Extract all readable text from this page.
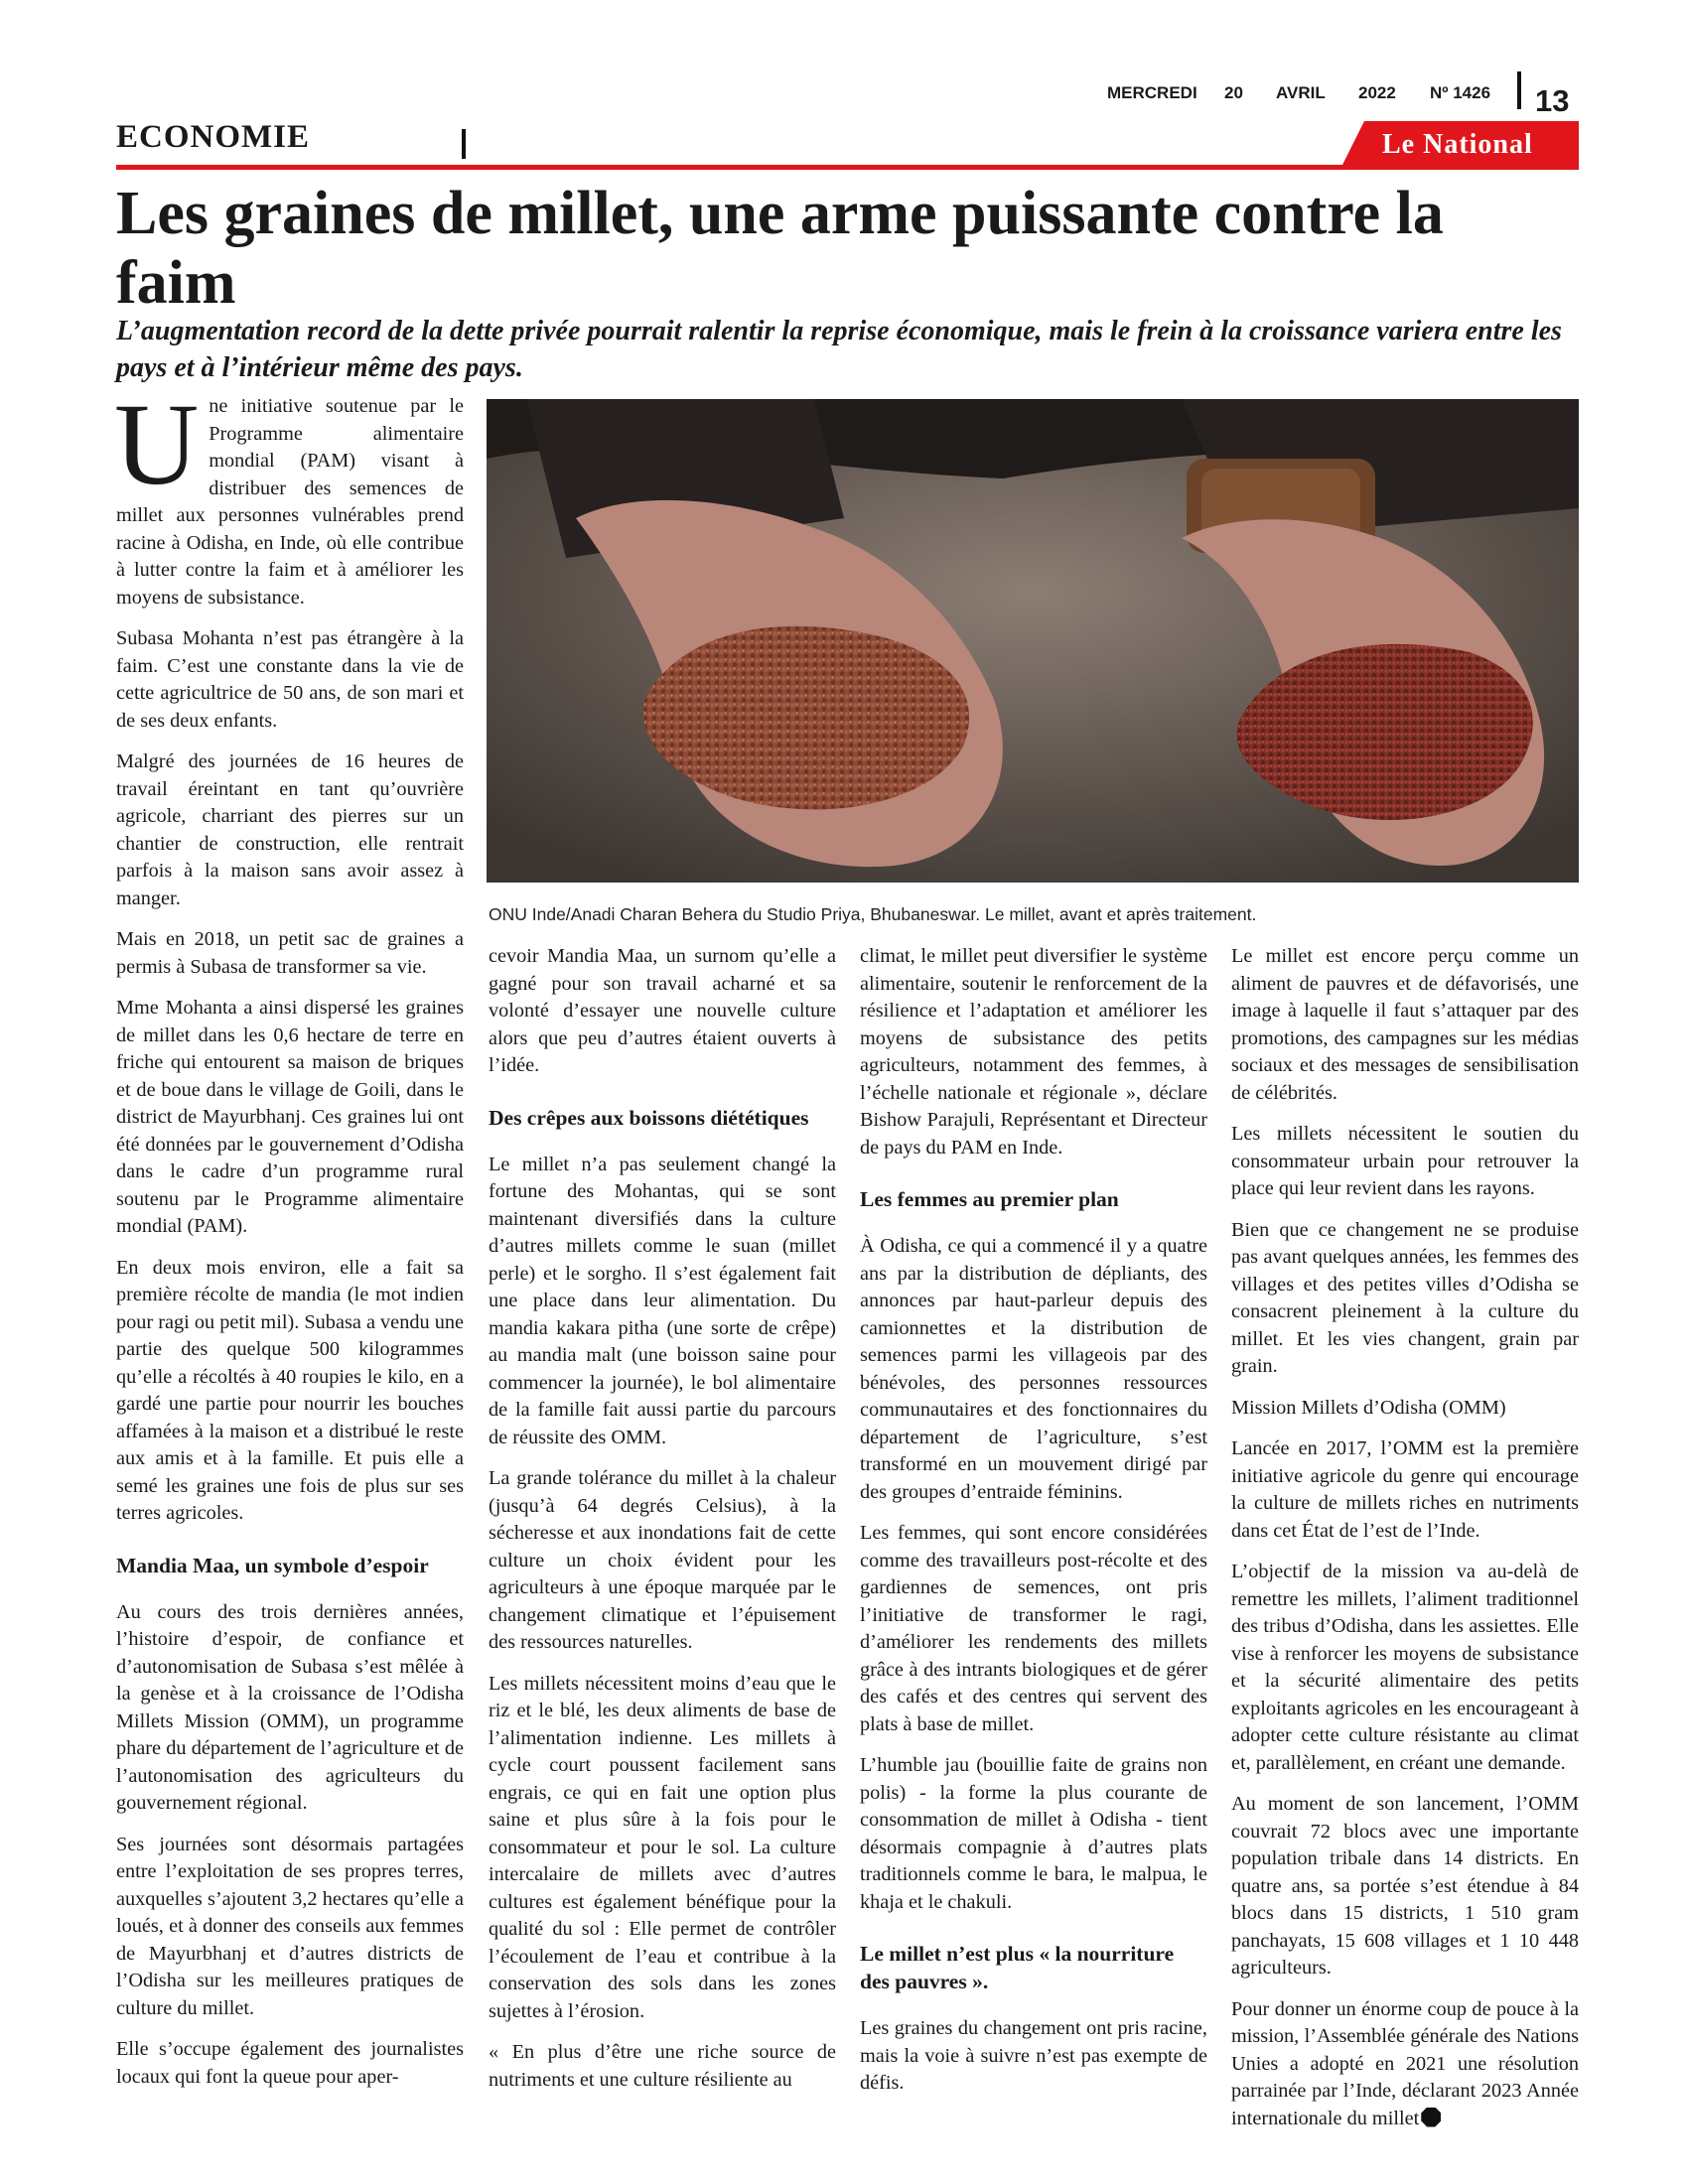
MERCREDI 20 AVRIL 2022 Nº 1426 13
ECONOMIE	Le National
Les graines de millet, une arme puissante contre la faim

L’augmentation record de la dette privée pourrait ralentir la reprise économique, mais le frein à la croissance variera entre les pays et à l’intérieur même des pays.

ONU Inde/Anadi Charan Behera du Studio Priya, Bhubaneswar. Le millet, avant et après traitement.

Une initiative soutenue par le Programme alimentaire mondial (PAM) visant à distribuer des semences de millet aux personnes vulnérables prend racine à Odisha, en Inde, où elle contribue à lutter contre la faim et à améliorer les moyens de subsistance.

Subasa Mohanta n’est pas étrangère à la faim. C’est une constante dans la vie de cette agricultrice de 50 ans, de son mari et de ses deux enfants.

Malgré des journées de 16 heures de travail éreintant en tant qu’ouvrière agricole, charriant des pierres sur un chantier de construction, elle rentrait parfois à la maison sans avoir assez à manger.

Mais en 2018, un petit sac de graines a permis à Subasa de transformer sa vie.

Mme Mohanta a ainsi dispersé les graines de millet dans les 0,6 hectare de terre en friche qui entourent sa maison de briques et de boue dans le village de Goili, dans le district de Mayurbhanj. Ces graines lui ont été données par le gouvernement d’Odisha dans le cadre d’un programme rural soutenu par le Programme alimentaire mondial (PAM).

En deux mois environ, elle a fait sa première récolte de mandia (le mot indien pour ragi ou petit mil). Subasa a vendu une partie des quelque 500 kilogrammes qu’elle a récoltés à 40 roupies le kilo, en a gardé une partie pour nourrir les bouches affamées à la maison et a distribué le reste aux amis et à la famille. Et puis elle a semé les graines une fois de plus sur ses terres agricoles.

Mandia Maa, un symbole d’espoir

Au cours des trois dernières années, l’histoire d’espoir, de confiance et d’autonomisation de Subasa s’est mêlée à la genèse et à la croissance de l’Odisha Millets Mission (OMM), un programme phare du département de l’agriculture et de l’autonomisation des agriculteurs du gouvernement régional.

Ses journées sont désormais partagées entre l’exploitation de ses propres terres, auxquelles s’ajoutent 3,2 hectares qu’elle a loués, et à donner des conseils aux femmes de Mayurbhanj et d’autres districts de l’Odisha sur les meilleures pratiques de culture du millet.

Elle s’occupe également des journalistes locaux qui font la queue pour aper-

cevoir Mandia Maa, un surnom qu’elle a gagné pour son travail acharné et sa volonté d’essayer une nouvelle culture alors que peu d’autres étaient ouverts à l’idée.

Des crêpes aux boissons diététiques

Le millet n’a pas seulement changé la fortune des Mohantas, qui se sont maintenant diversifiés dans la culture d’autres millets comme le suan (millet perle) et le sorgho. Il s’est également fait une place dans leur alimentation. Du mandia kakara pitha (une sorte de crêpe) au mandia malt (une boisson saine pour commencer la journée), le bol alimentaire de la famille fait aussi partie du parcours de réussite des OMM.

La grande tolérance du millet à la chaleur (jusqu’à 64 degrés Celsius), à la sécheresse et aux inondations fait de cette culture un choix évident pour les agriculteurs à une époque marquée par le changement climatique et l’épuisement des ressources naturelles.

Les millets nécessitent moins d’eau que le riz et le blé, les deux aliments de base de l’alimentation indienne. Les millets à cycle court poussent facilement sans engrais, ce qui en fait une option plus saine et plus sûre à la fois pour le consommateur et pour le sol. La culture intercalaire de millets avec d’autres cultures est également bénéfique pour la qualité du sol : Elle permet de contrôler l’écoulement de l’eau et contribue à la conservation des sols dans les zones sujettes à l’érosion.

« En plus d’être une riche source de nutriments et une culture résiliente au

climat, le millet peut diversifier le système alimentaire, soutenir le renforcement de la résilience et l’adaptation et améliorer les moyens de subsistance des petits agriculteurs, notamment des femmes, à l’échelle nationale et régionale », déclare Bishow Parajuli, Représentant et Directeur de pays du PAM en Inde.

Les femmes au premier plan

À Odisha, ce qui a commencé il y a quatre ans par la distribution de dépliants, des annonces par haut-parleur depuis des camionnettes et la distribution de semences parmi les villageois par des bénévoles, des personnes ressources communautaires et des fonctionnaires du département de l’agriculture, s’est transformé en un mouvement dirigé par des groupes d’entraide féminins.

Les femmes, qui sont encore considérées comme des travailleurs post-récolte et des gardiennes de semences, ont pris l’initiative de transformer le ragi, d’améliorer les rendements des millets grâce à des intrants biologiques et de gérer des cafés et des centres qui servent des plats à base de millet.

L’humble jau (bouillie faite de grains non polis) - la forme la plus courante de consommation de millet à Odisha - tient désormais compagnie à d’autres plats traditionnels comme le bara, le malpua, le khaja et le chakuli.

Le millet n’est plus « la nourriture des pauvres ».

Les graines du changement ont pris racine, mais la voie à suivre n’est pas exempte de défis.

Le millet est encore perçu comme un aliment de pauvres et de défavorisés, une image à laquelle il faut s’attaquer par des promotions, des campagnes sur les médias sociaux et des messages de sensibilisation de célébrités.

Les millets nécessitent le soutien du consommateur urbain pour retrouver la place qui leur revient dans les rayons.

Bien que ce changement ne se produise pas avant quelques années, les femmes des villages et des petites villes d’Odisha se consacrent pleinement à la culture du millet. Et les vies changent, grain par grain.

Mission Millets d’Odisha (OMM)

Lancée en 2017, l’OMM est la première initiative agricole du genre qui encourage la culture de millets riches en nutriments dans cet État de l’est de l’Inde.

L’objectif de la mission va au-delà de remettre les millets, l’aliment traditionnel des tribus d’Odisha, dans les assiettes. Elle vise à renforcer les moyens de subsistance et la sécurité alimentaire des petits exploitants agricoles en les encourageant à adopter cette culture résistante au climat et, parallèlement, en créant une demande.

Au moment de son lancement, l’OMM couvrait 72 blocs avec une importante population tribale dans 14 districts. En quatre ans, sa portée s’est étendue à 84 blocs dans 15 districts, 1 510 gram panchayats, 15 608 villages et 1 10 448 agriculteurs.

Pour donner un énorme coup de pouce à la mission, l’Assemblée générale des Nations Unies a adopté en 2021 une résolution parrainée par l’Inde, déclarant 2023 Année internationale du millet
